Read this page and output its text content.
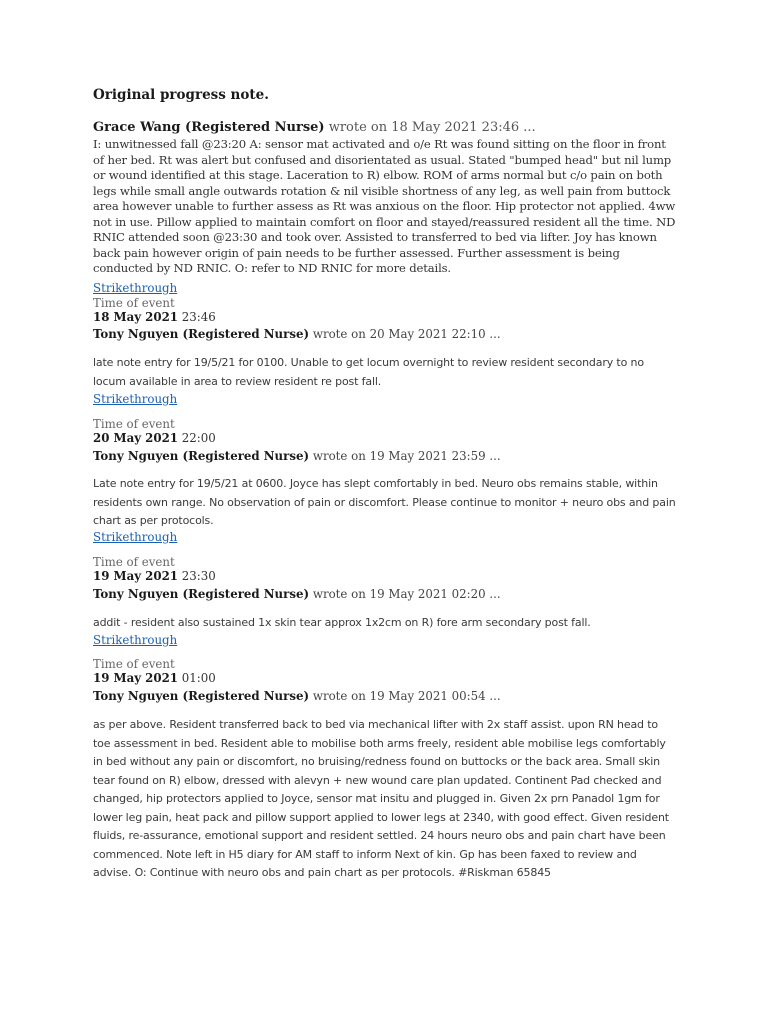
Original progress note.
Grace Wang (Registered Nurse) wrote on 18 May 2021 23:46 ...
I: unwitnessed fall @23:20 A: sensor mat activated and o/e Rt was found sitting on the floor in front of her bed. Rt was alert but confused and disorientated as usual. Stated "bumped head" but nil lump or wound identified at this stage. Laceration to R) elbow. ROM of arms normal but c/o pain on both legs while small angle outwards rotation & nil visible shortness of any leg, as well pain from buttock area however unable to further assess as Rt was anxious on the floor. Hip protector not applied. 4ww not in use. Pillow applied to maintain comfort on floor and stayed/reassured resident all the time. ND RNIC attended soon @23:30 and took over. Assisted to transferred to bed via lifter. Joy has known back pain however origin of pain needs to be further assessed. Further assessment is being conducted by ND RNIC. O: refer to ND RNIC for more details.
Strikethrough
Time of event
18 May 2021 23:46
Tony Nguyen (Registered Nurse) wrote on 20 May 2021 22:10 ...
late note entry for 19/5/21 for 0100. Unable to get locum overnight to review resident secondary to no locum available in area to review resident re post fall.
Strikethrough
Time of event
20 May 2021 22:00
Tony Nguyen (Registered Nurse) wrote on 19 May 2021 23:59 ...
Late note entry for 19/5/21 at 0600. Joyce has slept comfortably in bed. Neuro obs remains stable, within residents own range. No observation of pain or discomfort. Please continue to monitor + neuro obs and pain chart as per protocols.
Strikethrough
Time of event
19 May 2021 23:30
Tony Nguyen (Registered Nurse) wrote on 19 May 2021 02:20 ...
addit - resident also sustained 1x skin tear approx 1x2cm on R) fore arm secondary post fall.
Strikethrough
Time of event
19 May 2021 01:00
Tony Nguyen (Registered Nurse) wrote on 19 May 2021 00:54 ...
as per above. Resident transferred back to bed via mechanical lifter with 2x staff assist. upon RN head to toe assessment in bed. Resident able to mobilise both arms freely, resident able mobilise legs comfortably in bed without any pain or discomfort, no bruising/redness found on buttocks or the back area. Small skin tear found on R) elbow, dressed with alevyn + new wound care plan updated. Continent Pad checked and changed, hip protectors applied to Joyce, sensor mat insitu and plugged in. Given 2x prn Panadol 1gm for lower leg pain, heat pack and pillow support applied to lower legs at 2340, with good effect. Given resident fluids, re-assurance, emotional support and resident settled. 24 hours neuro obs and pain chart have been commenced. Note left in H5 diary for AM staff to inform Next of kin. Gp has been faxed to review and advise. O: Continue with neuro obs and pain chart as per protocols. #Riskman 65845
